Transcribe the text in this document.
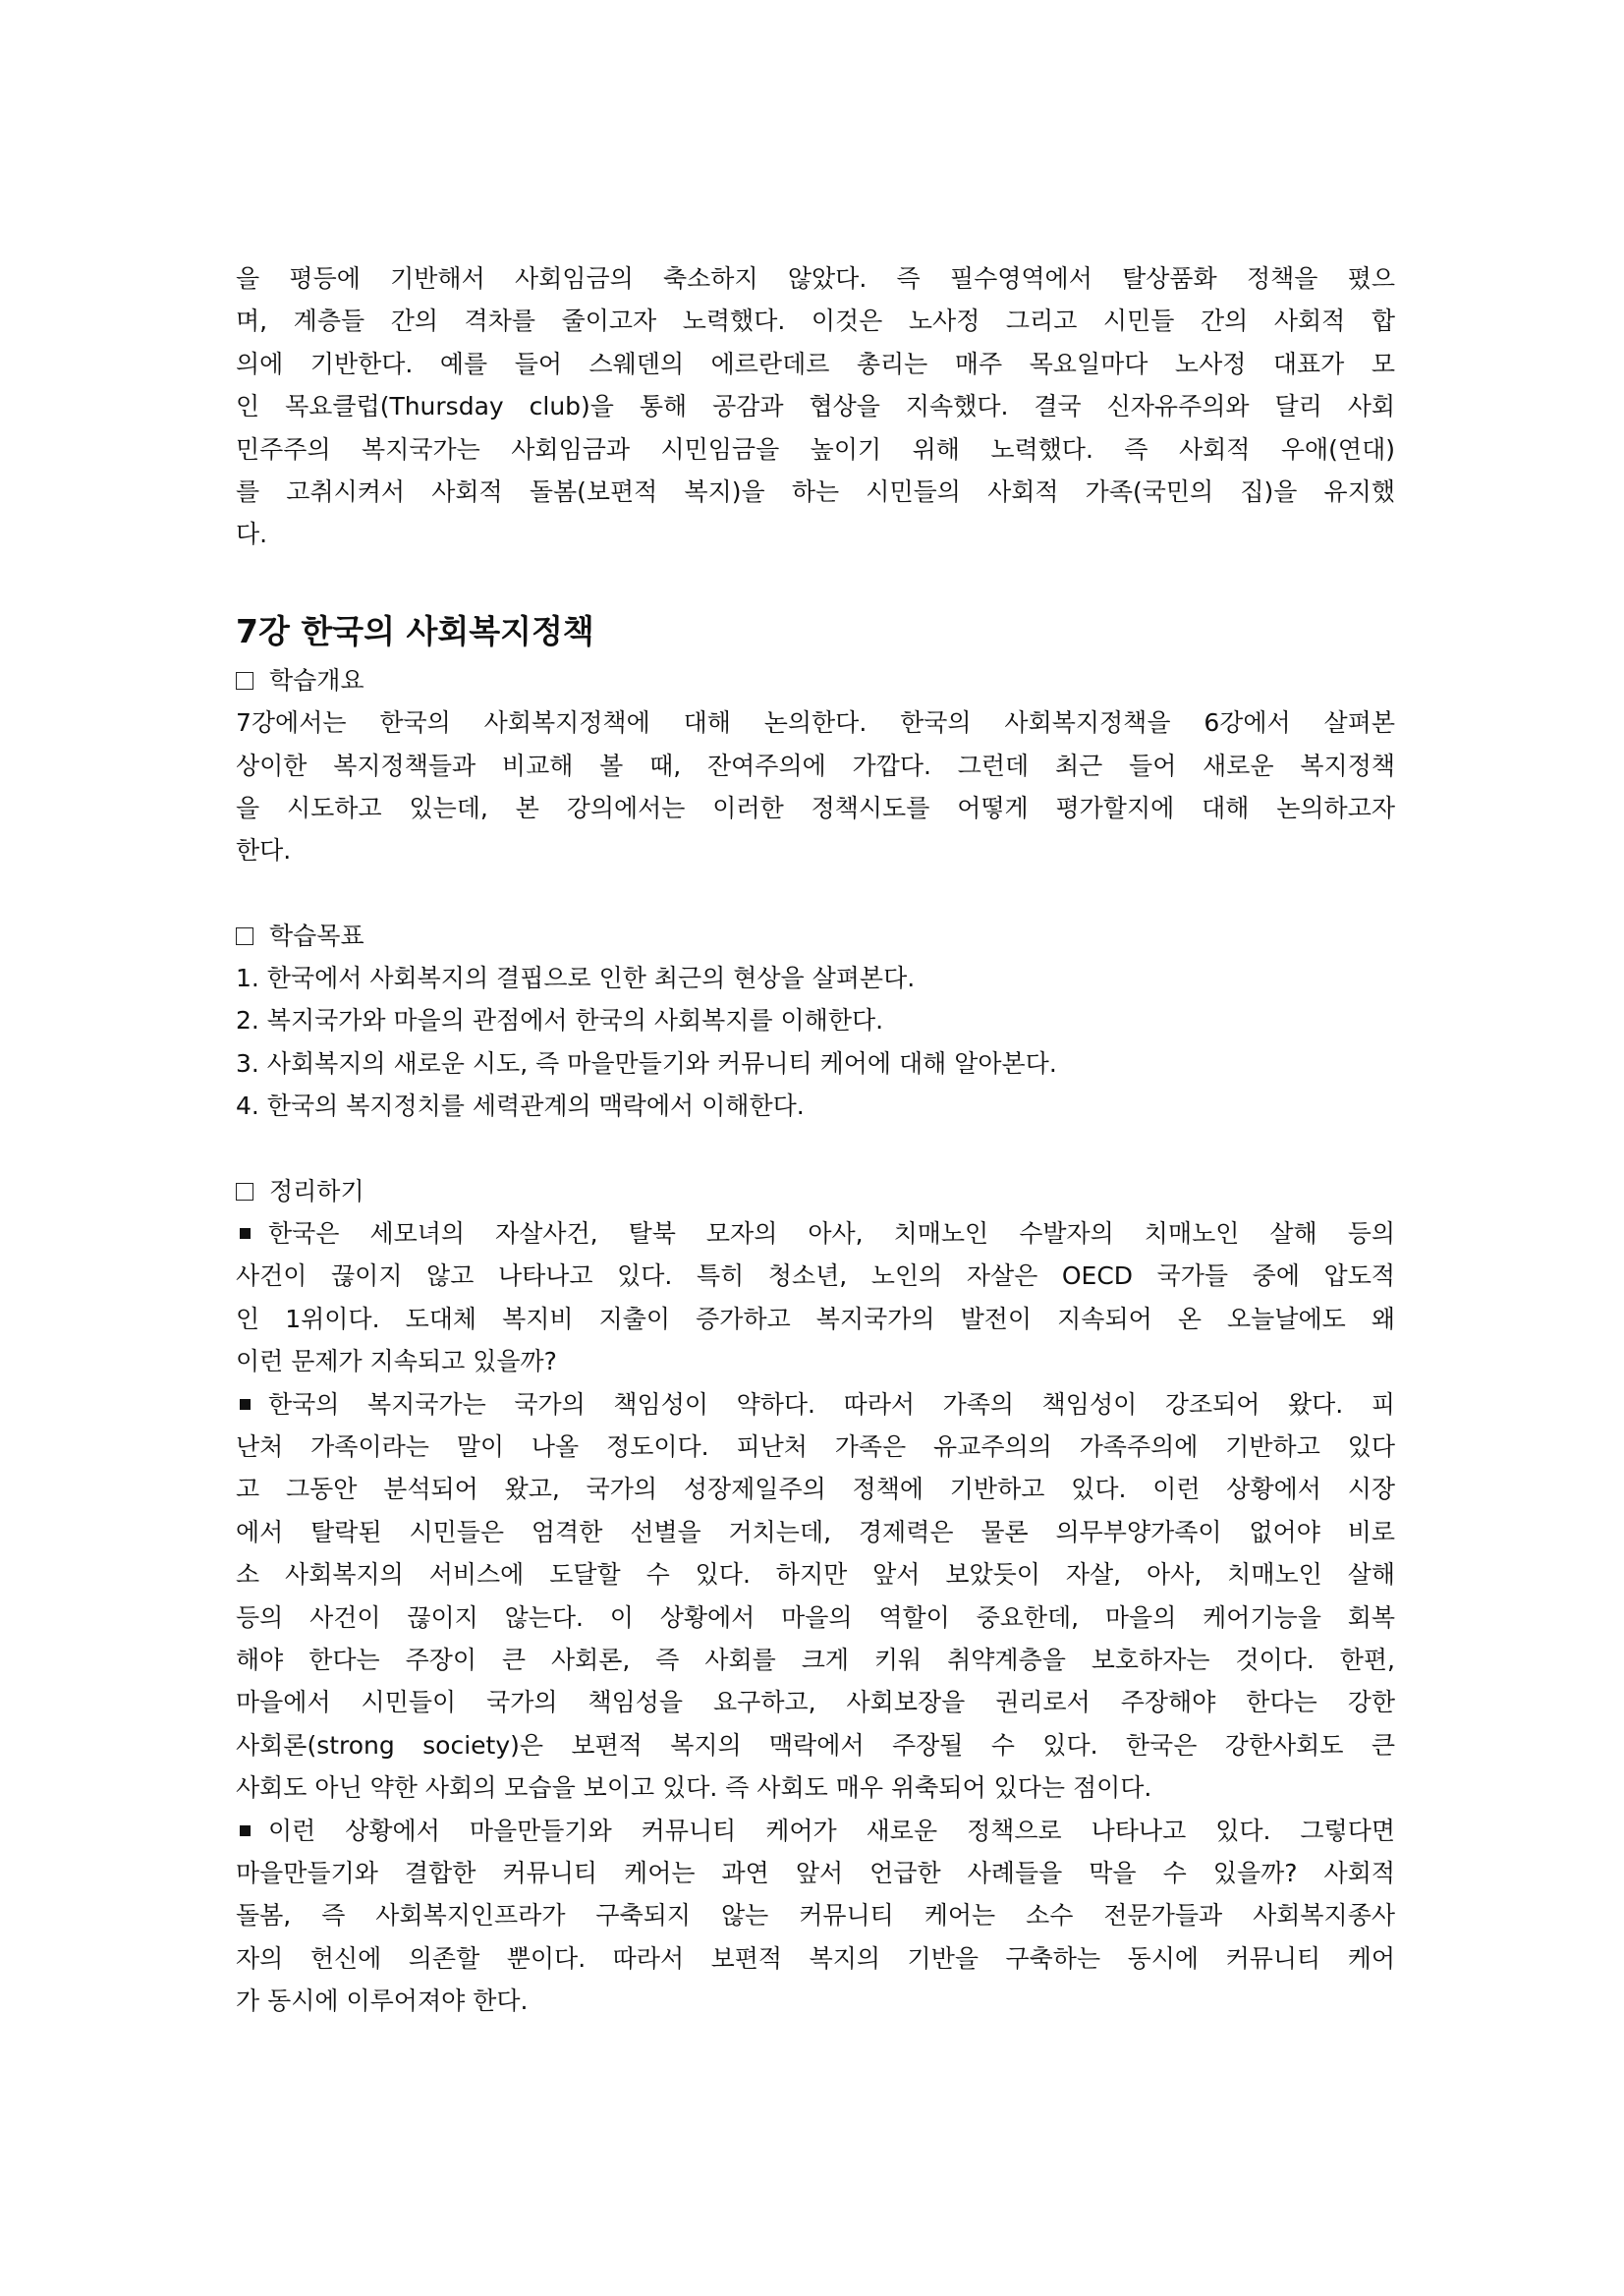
을 평등에 기반해서 사회임금의 축소하지 않았다. 즉 필수영역에서 탈상품화 정책을 폈으
며, 계층들 간의 격차를 줄이고자 노력했다. 이것은 노사정 그리고 시민들 간의 사회적 합
의에 기반한다. 예를 들어 스웨덴의 에르란데르 총리는 매주 목요일마다 노사정 대표가 모
인 목요클럽(Thursday club)을 통해 공감과 협상을 지속했다. 결국 신자유주의와 달리 사회
민주주의 복지국가는 사회임금과 시민임금을 높이기 위해 노력했다. 즉 사회적 우애(연대)
를 고취시켜서 사회적 돌봄(보편적 복지)을 하는 시민들의 사회적 가족(국민의 집)을 유지했
다.
7강 한국의 사회복지정책
학습개요
7강에서는 한국의 사회복지정책에 대해 논의한다. 한국의 사회복지정책을 6강에서 살펴본
상이한 복지정책들과 비교해 볼 때, 잔여주의에 가깝다. 그런데 최근 들어 새로운 복지정책
을 시도하고 있는데, 본 강의에서는 이러한 정책시도를 어떻게 평가할지에 대해 논의하고자
한다.
학습목표
1. 한국에서 사회복지의 결핍으로 인한 최근의 현상을 살펴본다.
2. 복지국가와 마을의 관점에서 한국의 사회복지를 이해한다.
3. 사회복지의 새로운 시도, 즉 마을만들기와 커뮤니티 케어에 대해 알아본다.
4. 한국의 복지정치를 세력관계의 맥락에서 이해한다.
정리하기
한국은 세모녀의 자살사건, 탈북 모자의 아사, 치매노인 수발자의 치매노인 살해 등의
사건이 끊이지 않고 나타나고 있다. 특히 청소년, 노인의 자살은 OECD 국가들 중에 압도적
인 1위이다. 도대체 복지비 지출이 증가하고 복지국가의 발전이 지속되어 온 오늘날에도 왜
이런 문제가 지속되고 있을까?
한국의 복지국가는 국가의 책임성이 약하다. 따라서 가족의 책임성이 강조되어 왔다. 피
난처 가족이라는 말이 나올 정도이다. 피난처 가족은 유교주의의 가족주의에 기반하고 있다
고 그동안 분석되어 왔고, 국가의 성장제일주의 정책에 기반하고 있다. 이런 상황에서 시장
에서 탈락된 시민들은 엄격한 선별을 거치는데, 경제력은 물론 의무부양가족이 없어야 비로
소 사회복지의 서비스에 도달할 수 있다. 하지만 앞서 보았듯이 자살, 아사, 치매노인 살해
등의 사건이 끊이지 않는다. 이 상황에서 마을의 역할이 중요한데, 마을의 케어기능을 회복
해야 한다는 주장이 큰 사회론, 즉 사회를 크게 키워 취약계층을 보호하자는 것이다. 한편,
마을에서 시민들이 국가의 책임성을 요구하고, 사회보장을 권리로서 주장해야 한다는 강한
사회론(strong society)은 보편적 복지의 맥락에서 주장될 수 있다. 한국은 강한사회도 큰
사회도 아닌 약한 사회의 모습을 보이고 있다. 즉 사회도 매우 위축되어 있다는 점이다.
이런 상황에서 마을만들기와 커뮤니티 케어가 새로운 정책으로 나타나고 있다. 그렇다면
마을만들기와 결합한 커뮤니티 케어는 과연 앞서 언급한 사례들을 막을 수 있을까? 사회적
돌봄, 즉 사회복지인프라가 구축되지 않는 커뮤니티 케어는 소수 전문가들과 사회복지종사
자의 헌신에 의존할 뿐이다. 따라서 보편적 복지의 기반을 구축하는 동시에 커뮤니티 케어
가 동시에 이루어져야 한다.
